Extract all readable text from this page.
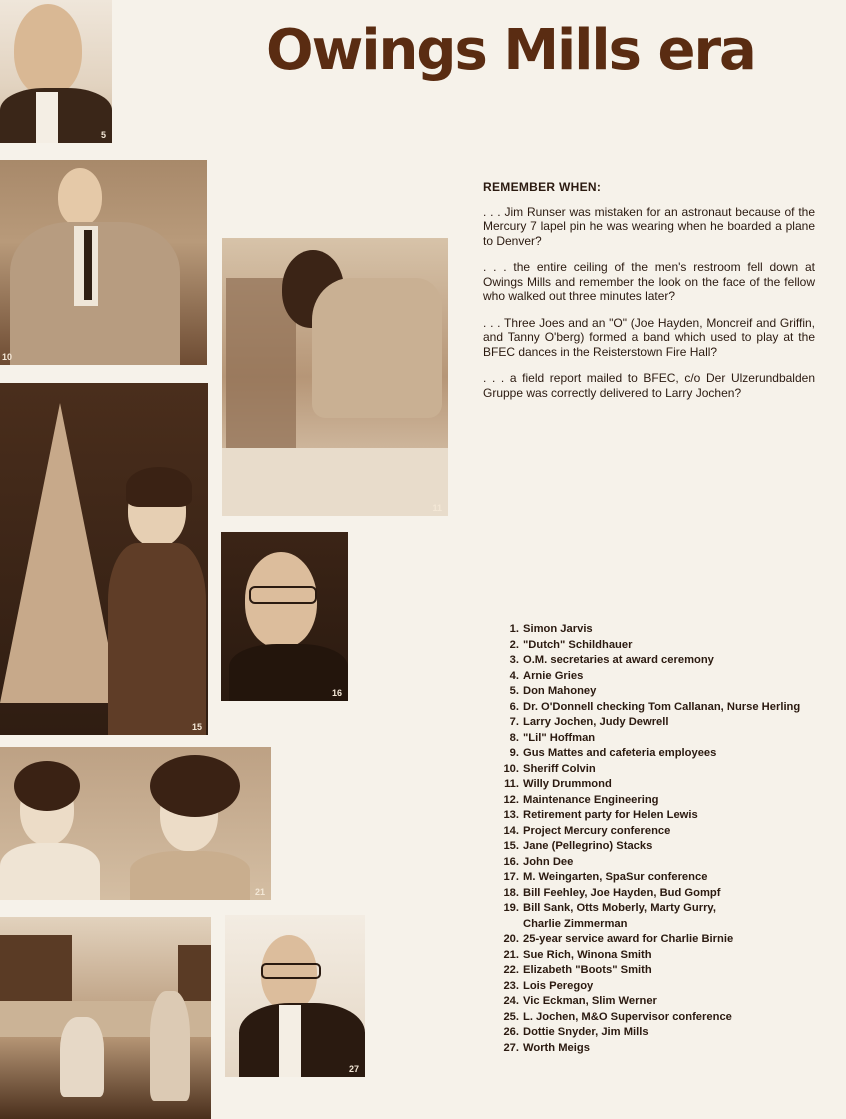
Owings Mills era
5
10
11
15
16
21
27
REMEMBER WHEN:

. . . Jim Runser was mistaken for an astronaut because of the Mercury 7 lapel pin he was wearing when he boarded a plane to Denver?

. . . the entire ceiling of the men's restroom fell down at Owings Mills and remember the look on the face of the fellow who walked out three minutes later?

. . . Three Joes and an "O" (Joe Hayden, Moncreif and Griffin, and Tanny O'berg) formed a band which used to play at the BFEC dances in the Reisterstown Fire Hall?

. . . a field report mailed to BFEC, c/o Der Ulzerundbalden Gruppe was correctly delivered to Larry Jochen?

1. Simon Jarvis
2. "Dutch" Schildhauer
3. O.M. secretaries at award ceremony
4. Arnie Gries
5. Don Mahoney
6. Dr. O'Donnell checking Tom Callanan, Nurse Herling
7. Larry Jochen, Judy Dewrell
8. "Lil" Hoffman
9. Gus Mattes and cafeteria employees
10. Sheriff Colvin
11. Willy Drummond
12. Maintenance Engineering
13. Retirement party for Helen Lewis
14. Project Mercury conference
15. Jane (Pellegrino) Stacks
16. John Dee
17. M. Weingarten, SpaSur conference
18. Bill Feehley, Joe Hayden, Bud Gompf
19. Bill Sank, Otts Moberly, Marty Gurry, Charlie Zimmerman
20. 25-year service award for Charlie Birnie
21. Sue Rich, Winona Smith
22. Elizabeth "Boots" Smith
23. Lois Peregoy
24. Vic Eckman, Slim Werner
25. L. Jochen, M&O Supervisor conference
26. Dottie Snyder, Jim Mills
27. Worth Meigs
